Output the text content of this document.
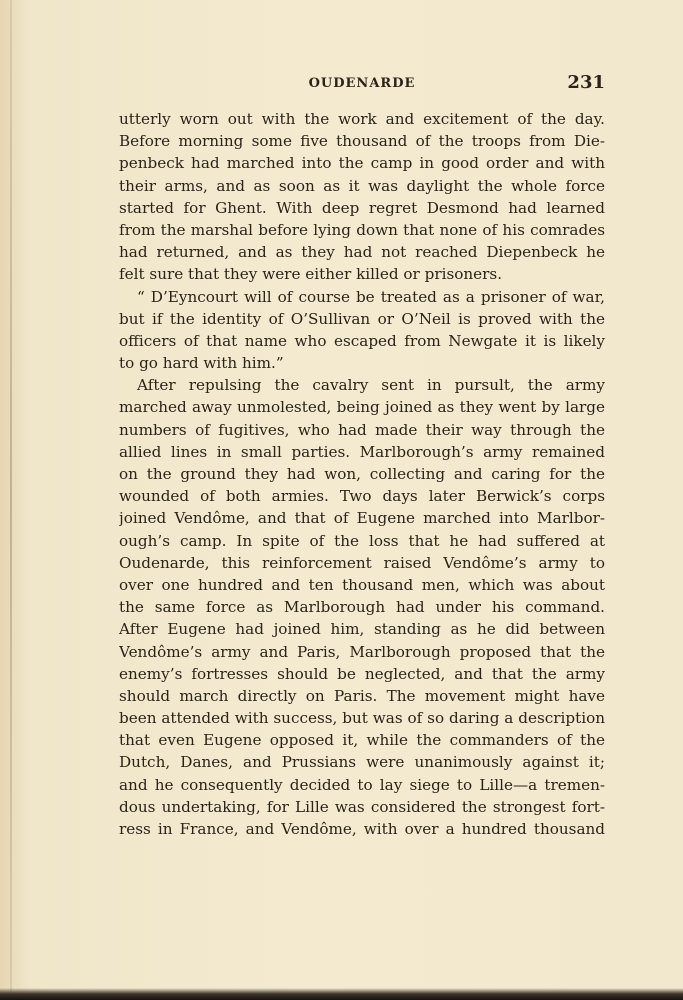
OUDENARDE	231
utterly worn out with the work and excitement of the day.
Before morning some five thousand of the troops from Die-
penbeck had marched into the camp in good order and with
their arms, and as soon as it was daylight the whole force
started for Ghent. With deep regret Desmond had learned
from the marshal before lying down that none of his comrades
had returned, and as they had not reached Diepenbeck he
felt sure that they were either killed or prisoners.
“ D’Eyncourt will of course be treated as a prisoner of war,
but if the identity of O’Sullivan or O’Neil is proved with the
officers of that name who escaped from Newgate it is likely
to go hard with him.”
After repulsing the cavalry sent in pursult, the army
marched away unmolested, being joined as they went by large
numbers of fugitives, who had made their way through the
allied lines in small parties. Marlborough’s army remained
on the ground they had won, collecting and caring for the
wounded of both armies. Two days later Berwick’s corps
joined Vendôme, and that of Eugene marched into Marlbor-
ough’s camp. In spite of the loss that he had suffered at
Oudenarde, this reinforcement raised Vendôme’s army to
over one hundred and ten thousand men, which was about
the same force as Marlborough had under his command.
After Eugene had joined him, standing as he did between
Vendôme’s army and Paris, Marlborough proposed that the
enemy’s fortresses should be neglected, and that the army
should march directly on Paris. The movement might have
been attended with success, but was of so daring a description
that even Eugene opposed it, while the commanders of the
Dutch, Danes, and Prussians were unanimously against it;
and he consequently decided to lay siege to Lille—a tremen-
dous undertaking, for Lille was considered the strongest fort-
ress in France, and Vendôme, with over a hundred thousand
